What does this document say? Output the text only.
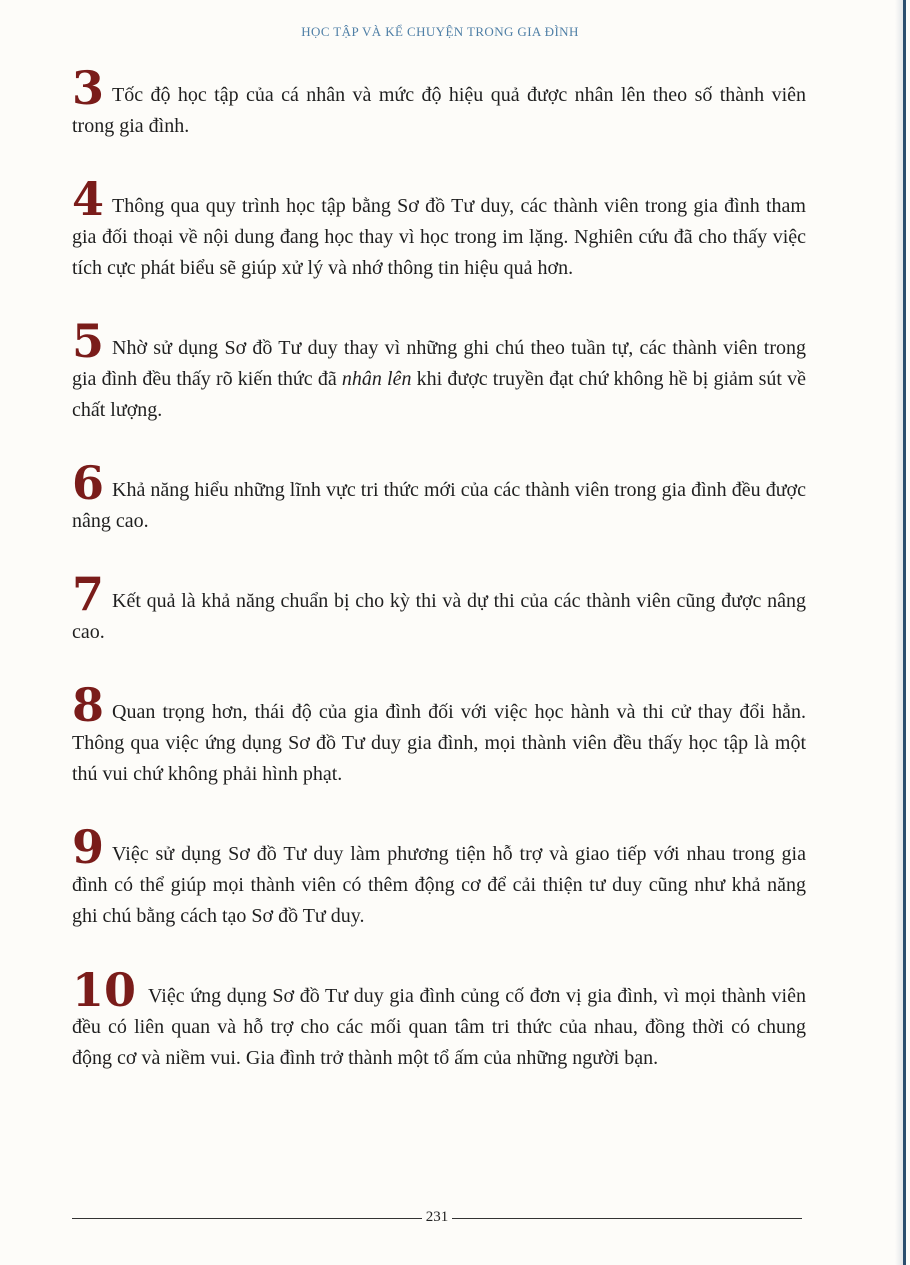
HỌC TẬP VÀ KỂ CHUYỆN TRONG GIA ĐÌNH

3 Tốc độ học tập của cá nhân và mức độ hiệu quả được nhân lên theo số thành viên trong gia đình.

4 Thông qua quy trình học tập bằng Sơ đồ Tư duy, các thành viên trong gia đình tham gia đối thoại về nội dung đang học thay vì học trong im lặng. Nghiên cứu đã cho thấy việc tích cực phát biểu sẽ giúp xử lý và nhớ thông tin hiệu quả hơn.

5 Nhờ sử dụng Sơ đồ Tư duy thay vì những ghi chú theo tuần tự, các thành viên trong gia đình đều thấy rõ kiến thức đã nhân lên khi được truyền đạt chứ không hề bị giảm sút về chất lượng.

6 Khả năng hiểu những lĩnh vực tri thức mới của các thành viên trong gia đình đều được nâng cao.

7 Kết quả là khả năng chuẩn bị cho kỳ thi và dự thi của các thành viên cũng được nâng cao.

8 Quan trọng hơn, thái độ của gia đình đối với việc học hành và thi cử thay đổi hẳn. Thông qua việc ứng dụng Sơ đồ Tư duy gia đình, mọi thành viên đều thấy học tập là một thú vui chứ không phải hình phạt.

9 Việc sử dụng Sơ đồ Tư duy làm phương tiện hỗ trợ và giao tiếp với nhau trong gia đình có thể giúp mọi thành viên có thêm động cơ để cải thiện tư duy cũng như khả năng ghi chú bằng cách tạo Sơ đồ Tư duy.

10 Việc ứng dụng Sơ đồ Tư duy gia đình củng cố đơn vị gia đình, vì mọi thành viên đều có liên quan và hỗ trợ cho các mối quan tâm tri thức của nhau, đồng thời có chung động cơ và niềm vui. Gia đình trở thành một tổ ấm của những người bạn.

231
